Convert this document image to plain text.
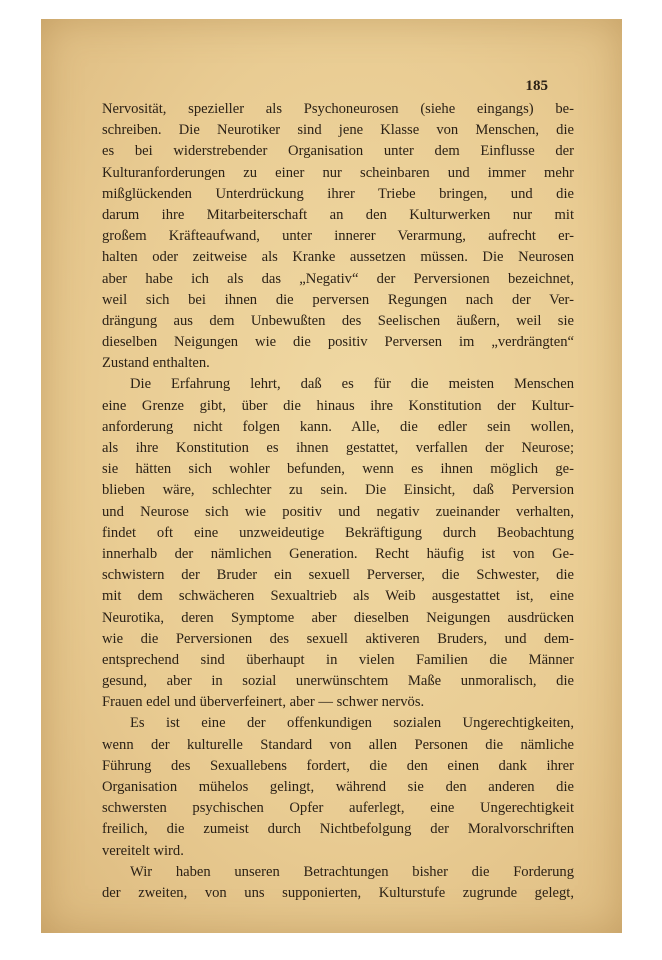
185

Nervosität, spezieller als Psychoneurosen (siehe eingangs) be-
schreiben. Die Neurotiker sind jene Klasse von Menschen, die
es bei widerstrebender Organisation unter dem Einflusse der
Kulturanforderungen zu einer nur scheinbaren und immer mehr
mißglückenden Unterdrückung ihrer Triebe bringen, und die
darum ihre Mitarbeiterschaft an den Kulturwerken nur mit
großem Kräfteaufwand, unter innerer Verarmung, aufrecht er-
halten oder zeitweise als Kranke aussetzen müssen. Die Neurosen
aber habe ich als das „Negativ“ der Perversionen bezeichnet,
weil sich bei ihnen die perversen Regungen nach der Ver-
drängung aus dem Unbewußten des Seelischen äußern, weil sie
dieselben Neigungen wie die positiv Perversen im „verdrängten“
Zustand enthalten.
Die Erfahrung lehrt, daß es für die meisten Menschen
eine Grenze gibt, über die hinaus ihre Konstitution der Kultur-
anforderung nicht folgen kann. Alle, die edler sein wollen,
als ihre Konstitution es ihnen gestattet, verfallen der Neurose;
sie hätten sich wohler befunden, wenn es ihnen möglich ge-
blieben wäre, schlechter zu sein. Die Einsicht, daß Perversion
und Neurose sich wie positiv und negativ zueinander verhalten,
findet oft eine unzweideutige Bekräftigung durch Beobachtung
innerhalb der nämlichen Generation. Recht häufig ist von Ge-
schwistern der Bruder ein sexuell Perverser, die Schwester, die
mit dem schwächeren Sexualtrieb als Weib ausgestattet ist, eine
Neurotika, deren Symptome aber dieselben Neigungen ausdrücken
wie die Perversionen des sexuell aktiveren Bruders, und dem-
entsprechend sind überhaupt in vielen Familien die Männer
gesund, aber in sozial unerwünschtem Maße unmoralisch, die
Frauen edel und überverfeinert, aber — schwer nervös.
Es ist eine der offenkundigen sozialen Ungerechtigkeiten,
wenn der kulturelle Standard von allen Personen die nämliche
Führung des Sexuallebens fordert, die den einen dank ihrer
Organisation mühelos gelingt, während sie den anderen die
schwersten psychischen Opfer auferlegt, eine Ungerechtigkeit
freilich, die zumeist durch Nichtbefolgung der Moralvorschriften
vereitelt wird.
Wir haben unseren Betrachtungen bisher die Forderung
der zweiten, von uns supponierten, Kulturstufe zugrunde gelegt,
